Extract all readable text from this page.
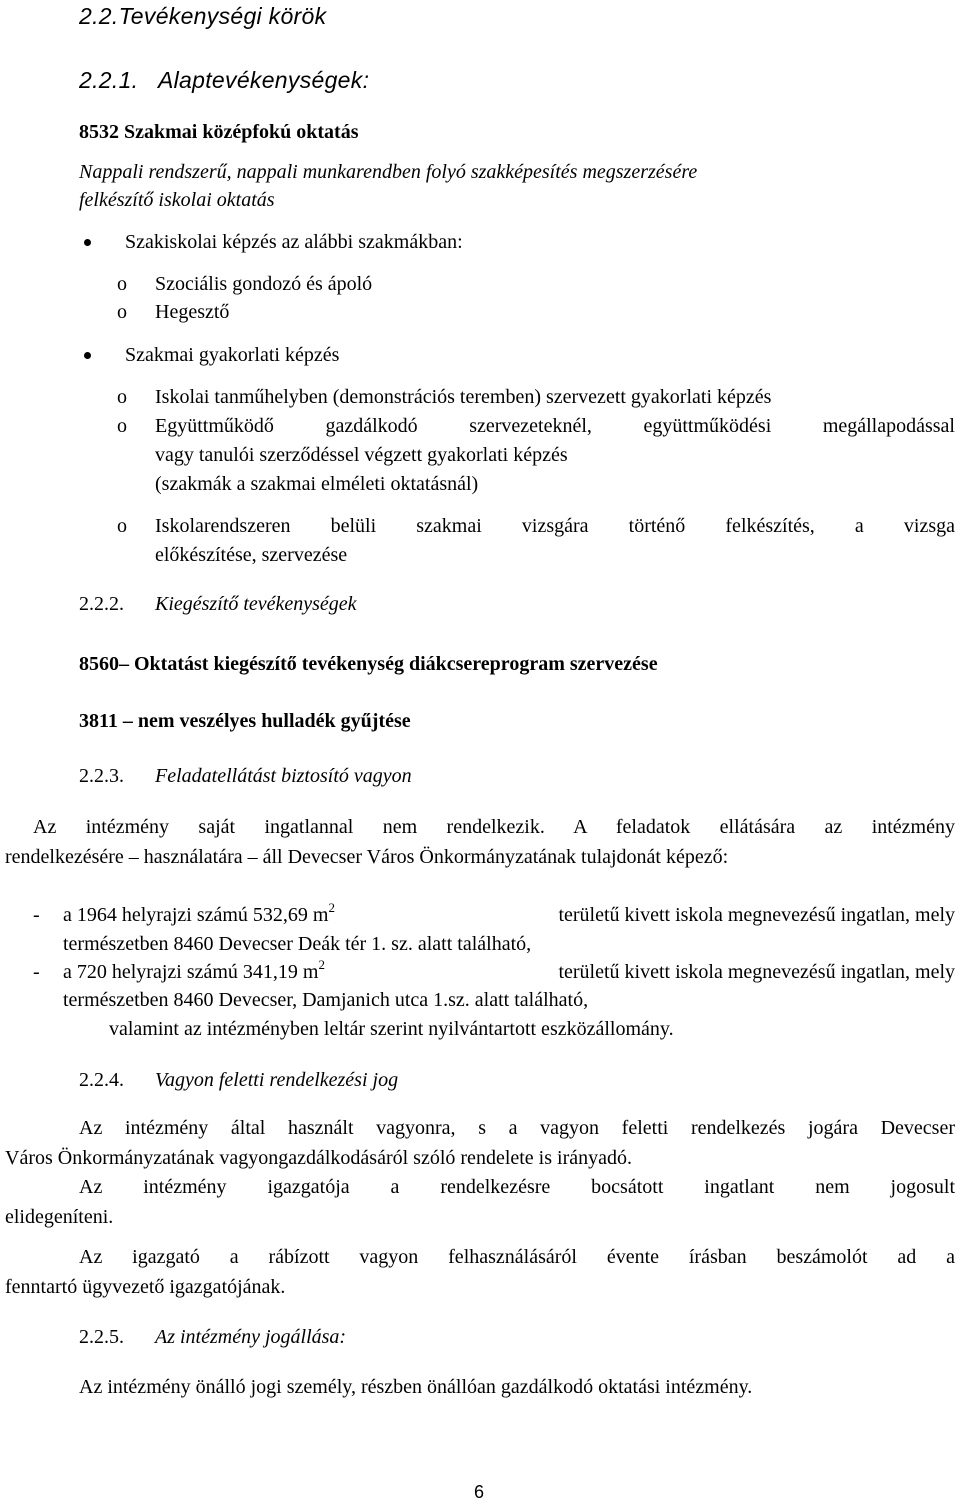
2.2.Tevékenységi körök
2.2.1. Alaptevékenységek:
8532 Szakmai középfokú oktatás
Nappali rendszerű, nappali munkarendben folyó szakképesítés megszerzésére
felkészítő iskolai oktatás
Szakiskolai képzés az alábbi szakmákban:
o Szociális gondozó és ápoló
o Hegesztő
Szakmai gyakorlati képzés
o Iskolai tanműhelyben (demonstrációs teremben) szervezett gyakorlati képzés
o Együttműködő gazdálkodó szervezeteknél, együttműködési megállapodással
vagy tanulói szerződéssel végzett gyakorlati képzés
(szakmák a szakmai elméleti oktatásnál)
o Iskolarendszeren belüli szakmai vizsgára történő felkészítés, a vizsga
előkészítése, szervezése
2.2.2. Kiegészítő tevékenységek
8560– Oktatást kiegészítő tevékenység diákcsereprogram szervezése
3811 – nem veszélyes hulladék gyűjtése
2.2.3. Feladatellátást biztosító vagyon
Az intézmény saját ingatlannal nem rendelkezik. A feladatok ellátására az intézmény
rendelkezésére – használatára – áll Devecser Város Önkormányzatának tulajdonát képező:
- a 1964 helyrajzi számú 532,69 $m^2$	területű kivett iskola megnevezésű ingatlan, mely
természetben 8460 Devecser Deák tér 1. sz. alatt található,
- a 720 helyrajzi számú 341,19 $m^2$	területű kivett iskola megnevezésű ingatlan, mely
természetben 8460 Devecser, Damjanich utca 1.sz. alatt található,
valamint az intézményben leltár szerint nyilvántartott eszközállomány.
2.2.4. Vagyon feletti rendelkezési jog
Az intézmény által használt vagyonra, s a vagyon feletti rendelkezés jogára Devecser
Város Önkormányzatának vagyongazdálkodásáról szóló rendelete is irányadó.
Az intézmény igazgatója a rendelkezésre bocsátott ingatlant nem jogosult
elidegeníteni.
Az igazgató a rábízott vagyon felhasználásáról évente írásban beszámolót ad a
fenntartó ügyvezető igazgatójának.
2.2.5. Az intézmény jogállása:
Az intézmény önálló jogi személy, részben önállóan gazdálkodó oktatási intézmény.
6
